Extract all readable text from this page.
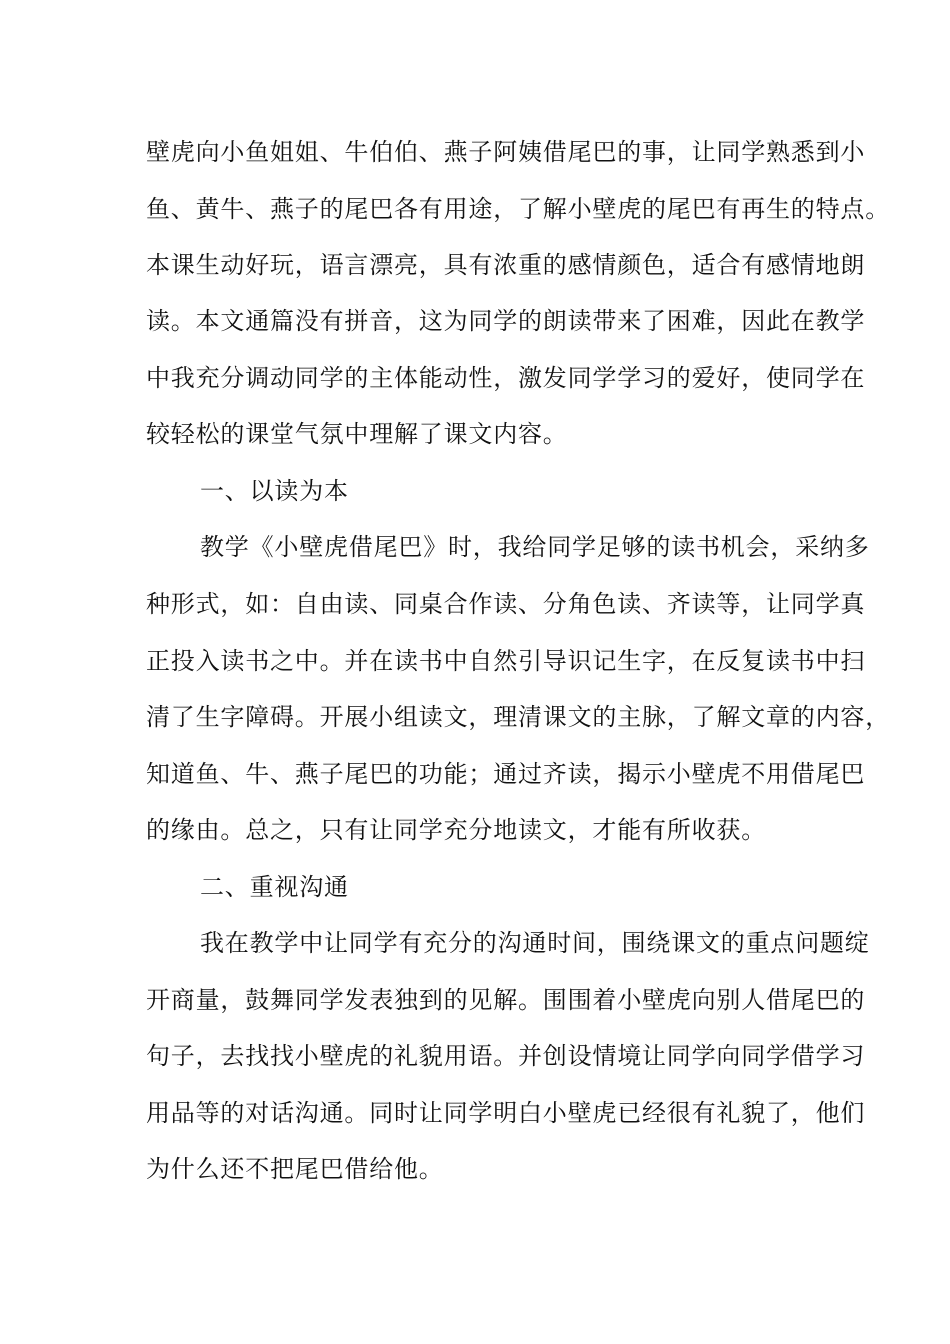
壁虎向小鱼姐姐、牛伯伯、燕子阿姨借尾巴的事，让同学熟悉到小
鱼、黄牛、燕子的尾巴各有用途，了解小壁虎的尾巴有再生的特点。
本课生动好玩，语言漂亮，具有浓重的感情颜色，适合有感情地朗
读。本文通篇没有拼音，这为同学的朗读带来了困难，因此在教学
中我充分调动同学的主体能动性，激发同学学习的爱好，使同学在
较轻松的课堂气氛中理解了课文内容。
一、以读为本
教学《小壁虎借尾巴》时，我给同学足够的读书机会，采纳多
种形式，如：自由读、同桌合作读、分角色读、齐读等，让同学真
正投入读书之中。并在读书中自然引导识记生字，在反复读书中扫
清了生字障碍。开展小组读文，理清课文的主脉，了解文章的内容，
知道鱼、牛、燕子尾巴的功能；通过齐读，揭示小壁虎不用借尾巴
的缘由。总之，只有让同学充分地读文，才能有所收获。
二、重视沟通
我在教学中让同学有充分的沟通时间，围绕课文的重点问题绽
开商量，鼓舞同学发表独到的见解。围围着小壁虎向别人借尾巴的
句子，去找找小壁虎的礼貌用语。并创设情境让同学向同学借学习
用品等的对话沟通。同时让同学明白小壁虎已经很有礼貌了，他们
为什么还不把尾巴借给他。
